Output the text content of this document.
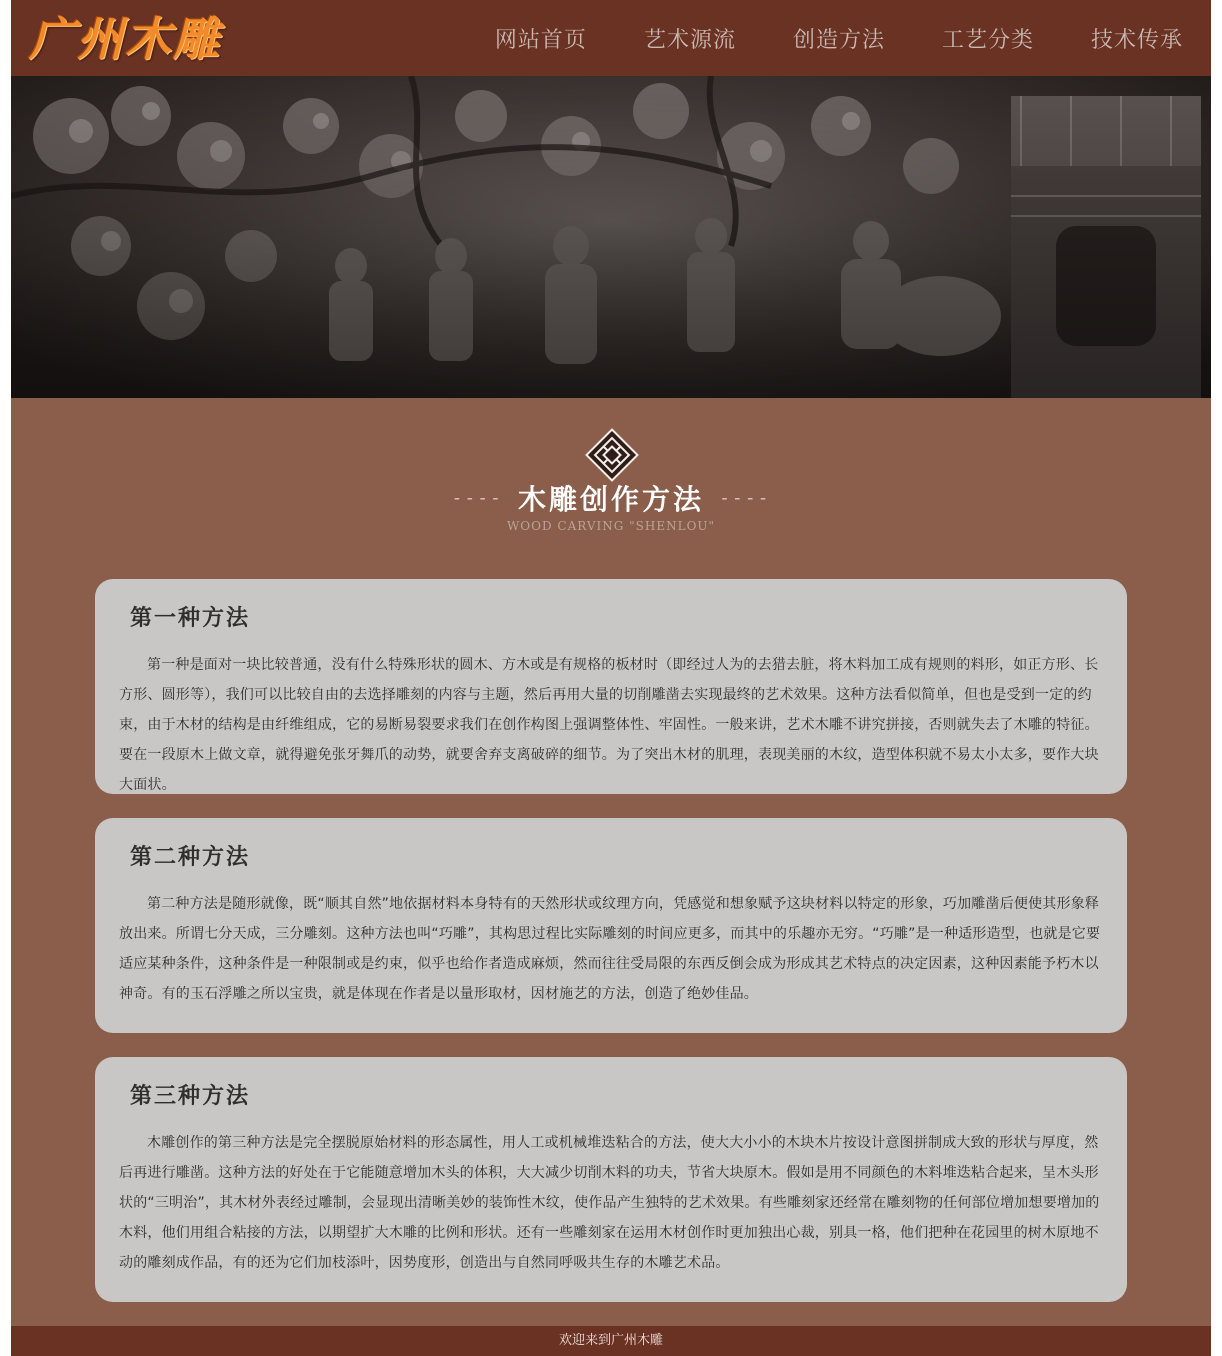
广州木雕	网站首页	艺术源流	创造方法	工艺分类	技术传承
---- 木雕创作方法 ----
WOOD CARVING "SHENLOU"
第一种方法

第一种是面对一块比较普通，没有什么特殊形状的圆木、方木或是有规格的板材时（即经过人为的去猎去脏，将木料加工成有规则的料形，如正方形、长方形、圆形等），我们可以比较自由的去选择雕刻的内容与主题，然后再用大量的切削雕凿去实现最终的艺术效果。这种方法看似简单，但也是受到一定的约束，由于木材的结构是由纤维组成，它的易断易裂要求我们在创作构图上强调整体性、牢固性。一般来讲，艺术木雕不讲究拼接，否则就失去了木雕的特征。要在一段原木上做文章，就得避免张牙舞爪的动势，就要舍弃支离破碎的细节。为了突出木材的肌理，表现美丽的木纹，造型体积就不易太小太多，要作大块大面状。

第二种方法

第二种方法是随形就像，既“顺其自然”地依据材料本身特有的天然形状或纹理方向，凭感觉和想象赋予这块材料以特定的形象，巧加雕凿后便使其形象释放出来。所谓七分天成，三分雕刻。这种方法也叫“巧雕”，其构思过程比实际雕刻的时间应更多，而其中的乐趣亦无穷。“巧雕”是一种适形造型，也就是它要适应某种条件，这种条件是一种限制或是约束，似乎也给作者造成麻烦，然而往往受局限的东西反倒会成为形成其艺术特点的决定因素，这种因素能予朽木以神奇。有的玉石浮雕之所以宝贵，就是体现在作者是以量形取材，因材施艺的方法，创造了绝妙佳品。

第三种方法

木雕创作的第三种方法是完全摆脱原始材料的形态属性，用人工或机械堆迭粘合的方法，使大大小小的木块木片按设计意图拼制成大致的形状与厚度，然后再进行雕凿。这种方法的好处在于它能随意增加木头的体积，大大减少切削木料的功夫，节省大块原木。假如是用不同颜色的木料堆迭粘合起来，呈木头形状的“三明治”，其木材外表经过雕制，会显现出清晰美妙的装饰性木纹，使作品产生独特的艺术效果。有些雕刻家还经常在雕刻物的任何部位增加想要增加的木料，他们用组合粘接的方法，以期望扩大木雕的比例和形状。还有一些雕刻家在运用木材创作时更加独出心裁，别具一格，他们把种在花园里的树木原地不动的雕刻成作品，有的还为它们加枝添叶，因势度形，创造出与自然同呼吸共生存的木雕艺术品。

欢迎来到广州木雕
